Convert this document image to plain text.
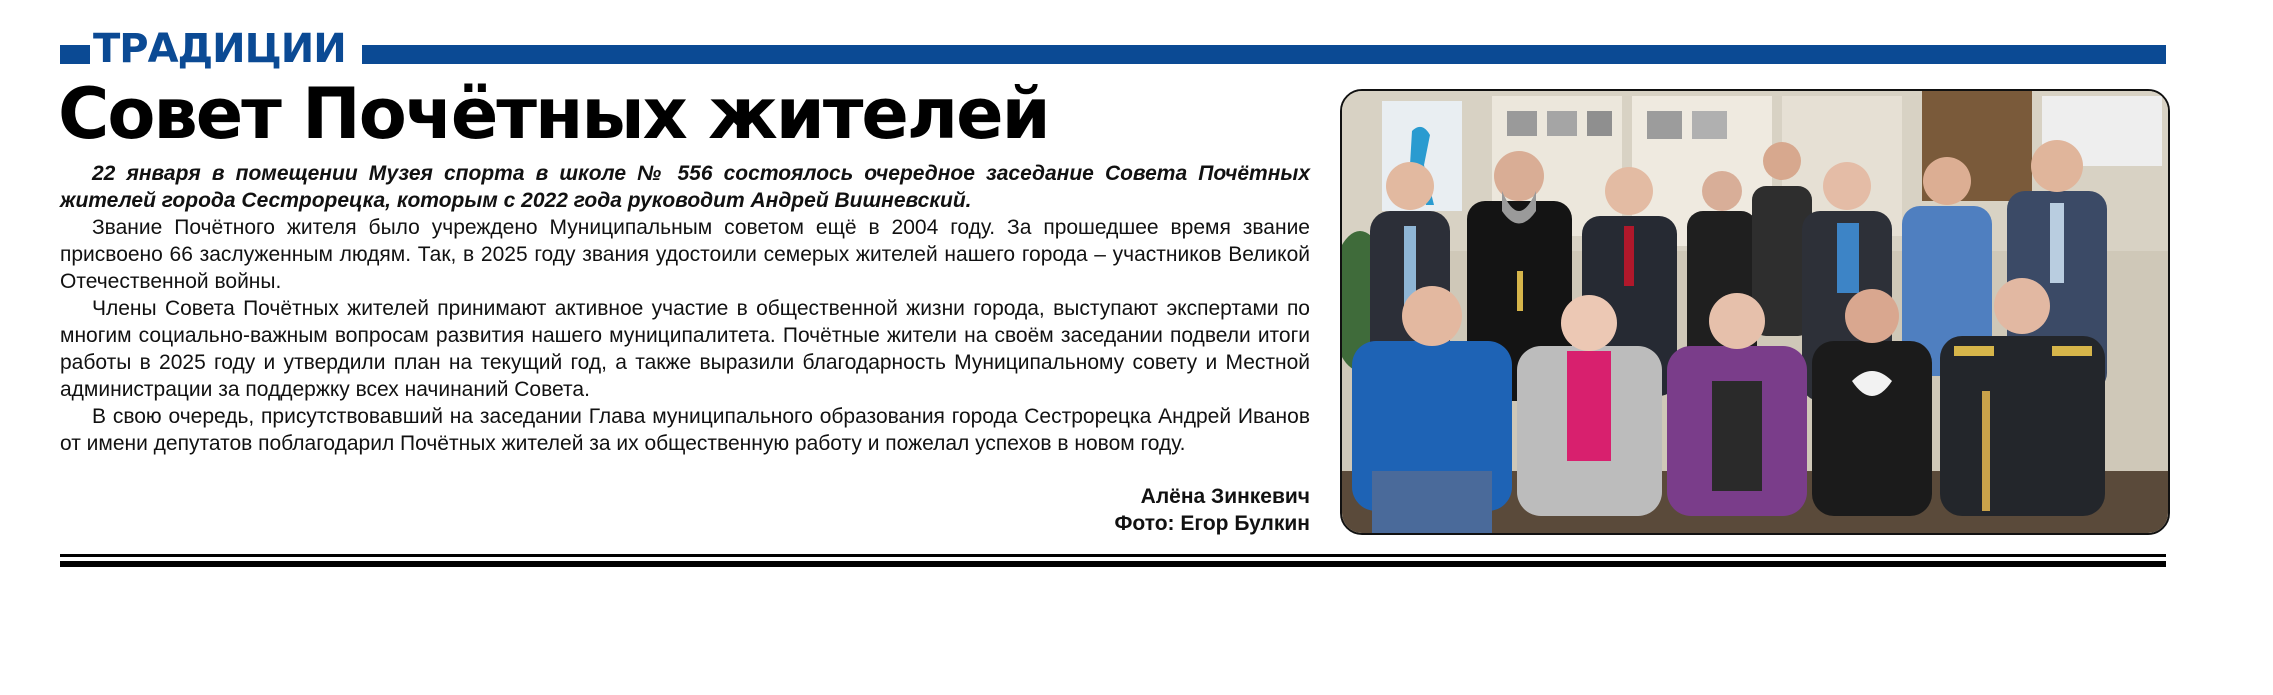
ТРАДИЦИИ
Совет Почётных жителей

22 января в помещении Музея спорта в школе № 556 состоялось очередное заседание Совета Почётных жителей города Сестрорецка, которым с 2022 года руководит Андрей Вишневский.

Звание Почётного жителя было учреждено Муниципальным советом ещё в 2004 году. За прошедшее время звание присвоено 66 заслуженным людям. Так, в 2025 году звания удостоили семерых жителей нашего города – участников Великой Отечественной войны.

Члены Совета Почётных жителей принимают активное участие в общественной жизни города, выступают экспертами по многим социально-важным вопросам развития нашего муниципалитета. Почётные жители на своём заседании подвели итоги работы в 2025 году и утвердили план на текущий год, а также выразили благодарность Муниципальному совету и Местной администрации за поддержку всех начинаний Совета.

В свою очередь, присутствовавший на заседании Глава муниципального образования города Сестрорецка Андрей Иванов от имени депутатов поблагодарил Почётных жителей за их общественную работу и пожелал успехов в новом году.

Алёна Зинкевич
Фото: Егор Булкин
